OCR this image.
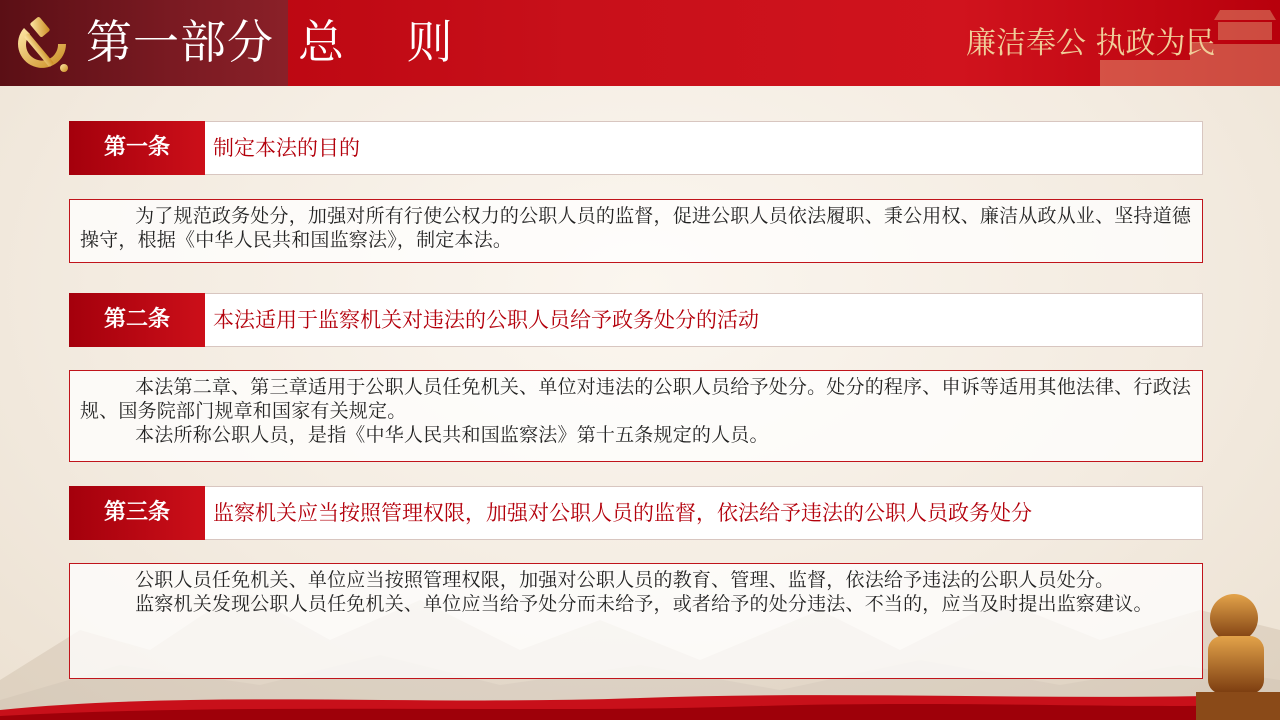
第一部分 总 则	廉洁奉公 执政为民
第一条	制定本法的目的

为了规范政务处分，加强对所有行使公权力的公职人员的监督，促进公职人员依法履职、秉公用权、廉洁从政从业、坚持道德操守，根据《中华人民共和国监察法》，制定本法。

第二条	本法适用于监察机关对违法的公职人员给予政务处分的活动

本法第二章、第三章适用于公职人员任免机关、单位对违法的公职人员给予处分。处分的程序、申诉等适用其他法律、行政法规、国务院部门规章和国家有关规定。

本法所称公职人员，是指《中华人民共和国监察法》第十五条规定的人员。

第三条	监察机关应当按照管理权限，加强对公职人员的监督，依法给予违法的公职人员政务处分

公职人员任免机关、单位应当按照管理权限，加强对公职人员的教育、管理、监督，依法给予违法的公职人员处分。

监察机关发现公职人员任免机关、单位应当给予处分而未给予，或者给予的处分违法、不当的，应当及时提出监察建议。
